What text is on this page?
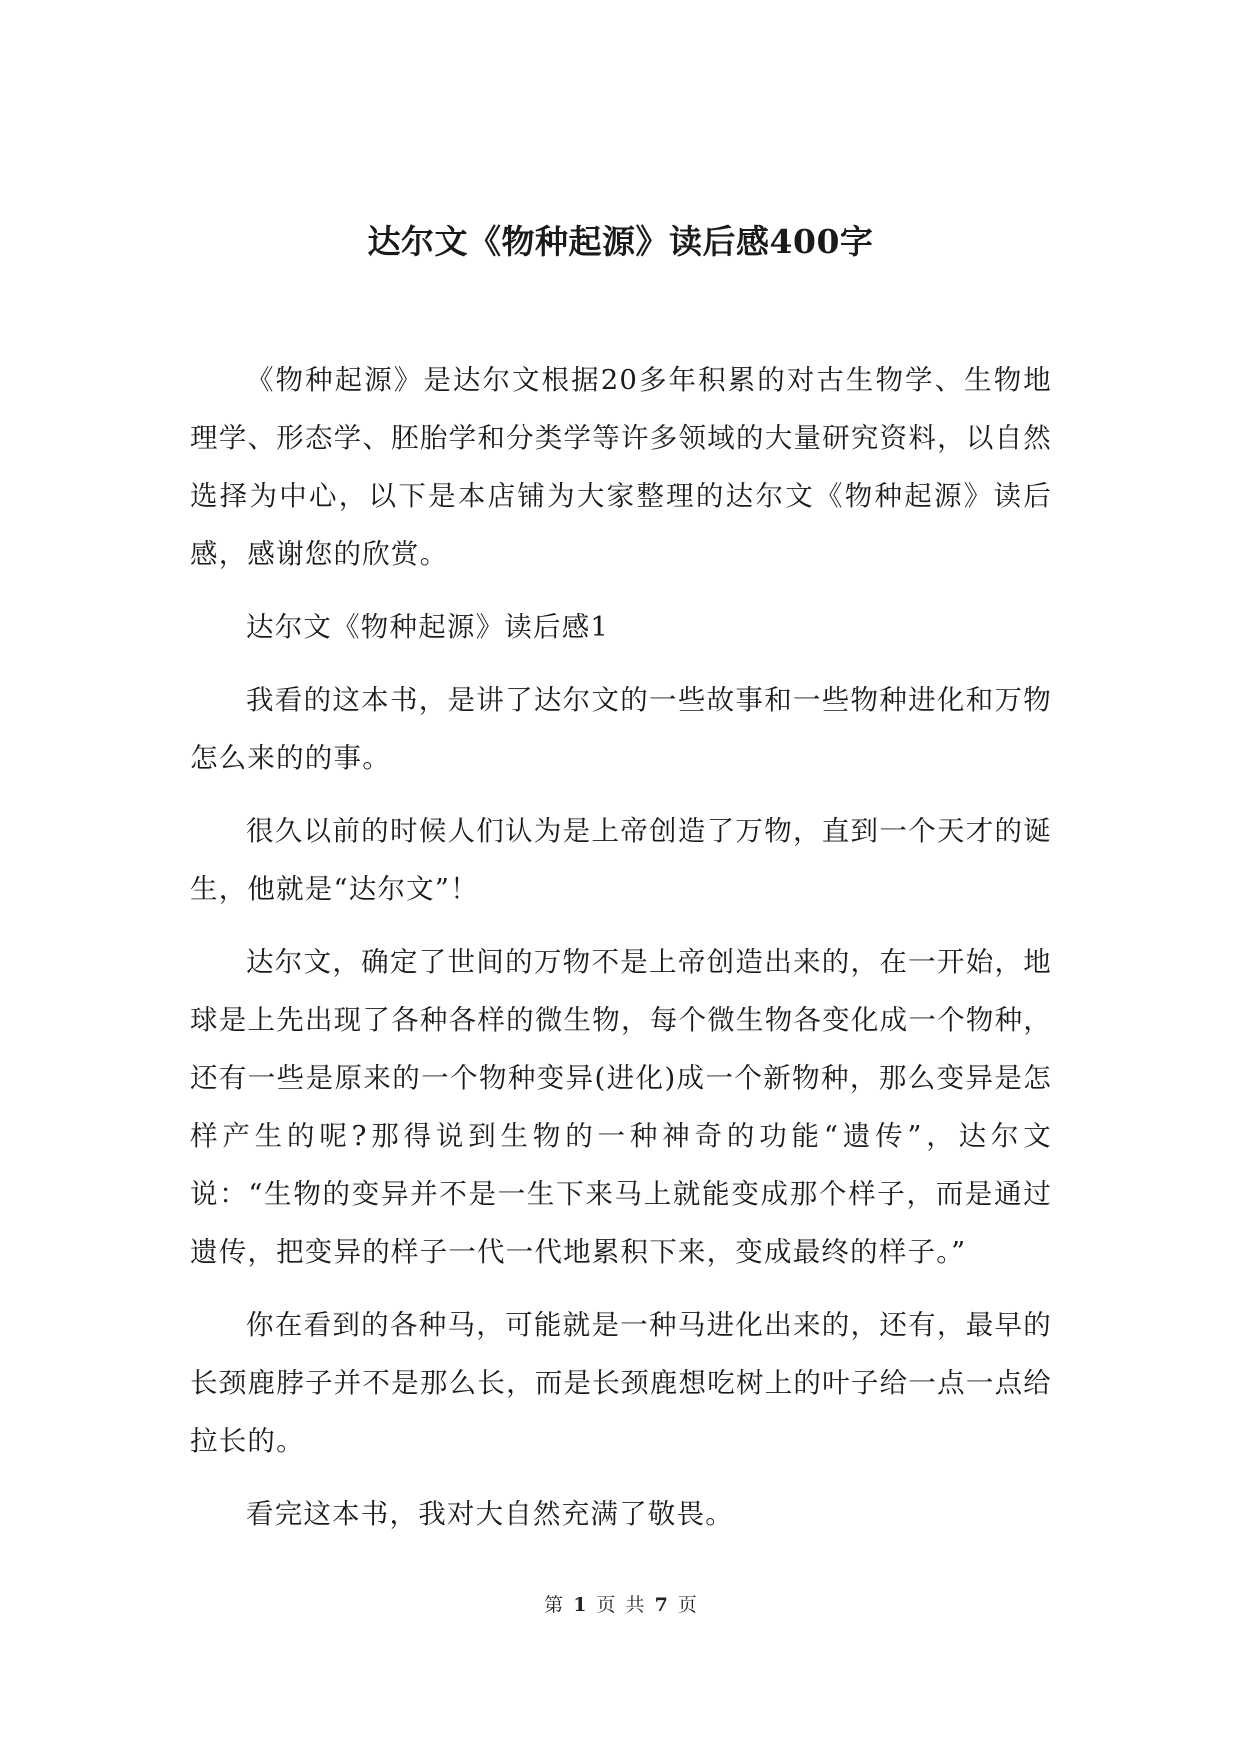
达尔文《物种起源》读后感400字

《物种起源》是达尔文根据20多年积累的对古生物学、生物地理学、形态学、胚胎学和分类学等许多领域的大量研究资料，以自然选择为中心，以下是本店铺为大家整理的达尔文《物种起源》读后感，感谢您的欣赏。

达尔文《物种起源》读后感1

我看的这本书，是讲了达尔文的一些故事和一些物种进化和万物怎么来的的事。

很久以前的时候人们认为是上帝创造了万物，直到一个天才的诞生，他就是“达尔文”！

达尔文，确定了世间的万物不是上帝创造出来的，在一开始，地球是上先出现了各种各样的微生物，每个微生物各变化成一个物种，还有一些是原来的一个物种变异(进化)成一个新物种，那么变异是怎样产生的呢?那得说到生物的一种神奇的功能“遗传”，达尔文说：“生物的变异并不是一生下来马上就能变成那个样子，而是通过遗传，把变异的样子一代一代地累积下来，变成最终的样子。”

你在看到的各种马，可能就是一种马进化出来的，还有，最早的长颈鹿脖子并不是那么长，而是长颈鹿想吃树上的叶子给一点一点给拉长的。

看完这本书，我对大自然充满了敬畏。

第 1 页 共 7 页
